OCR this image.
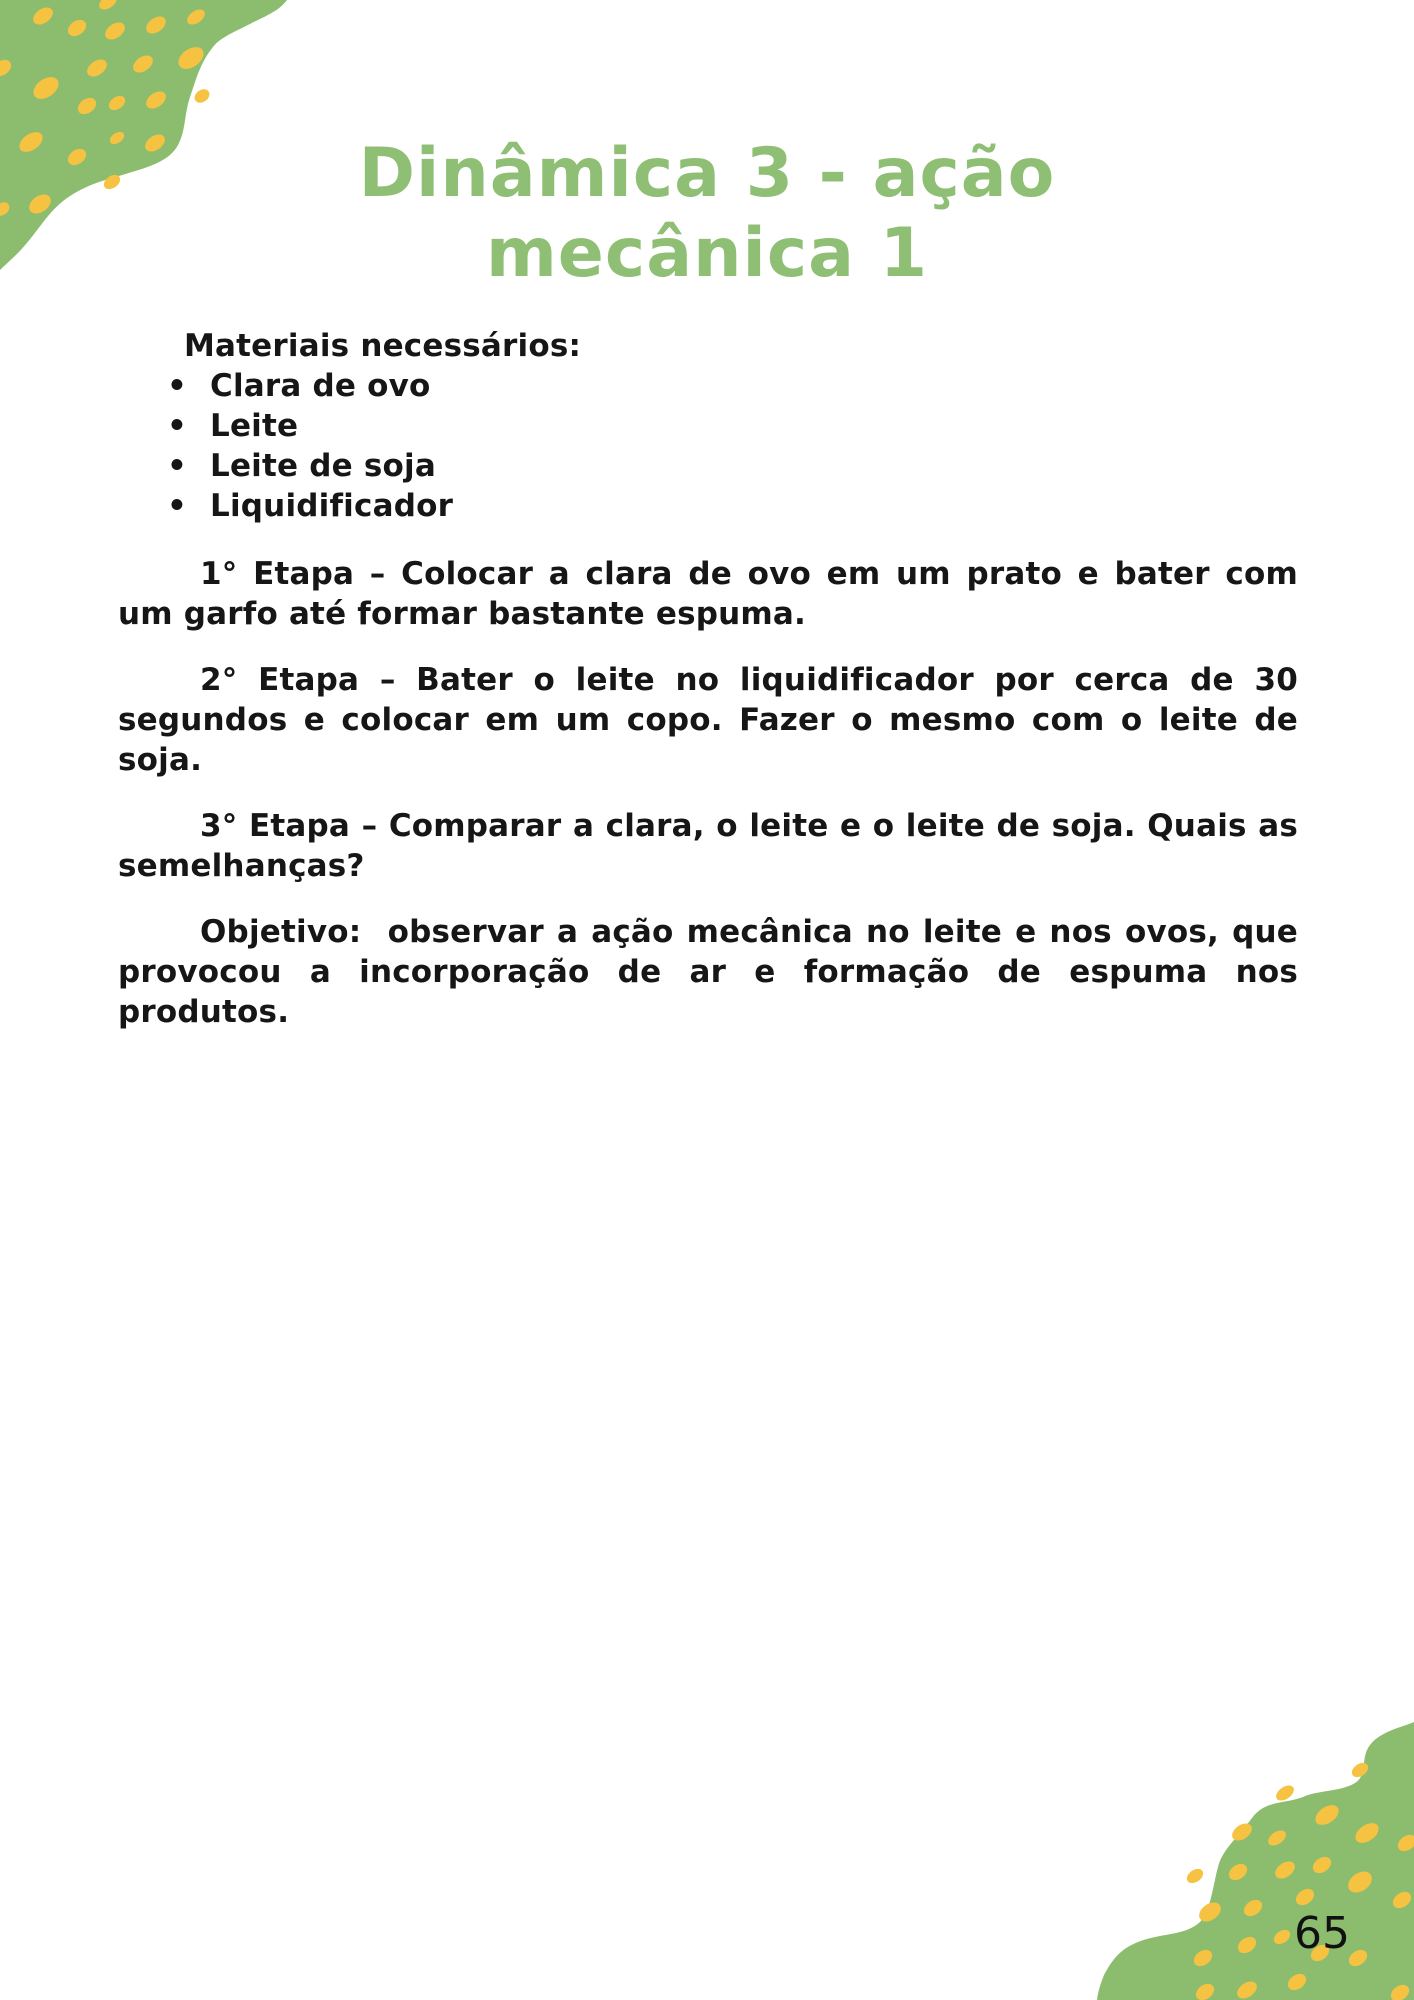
Dinâmica 3 - ação
mecânica 1
Materiais necessários:
• Clara de ovo
• Leite
• Leite de soja
• Liquidificador

1° Etapa – Colocar a clara de ovo em um prato e bater com um garfo até formar bastante espuma.

2° Etapa – Bater o leite no liquidificador por cerca de 30 segundos e colocar em um copo. Fazer o mesmo com o leite de soja.

3° Etapa – Comparar a clara, o leite e o leite de soja. Quais as semelhanças?

Objetivo:  observar a ação mecânica no leite e nos ovos, que provocou a incorporação de ar e formação de espuma nos produtos.

65
